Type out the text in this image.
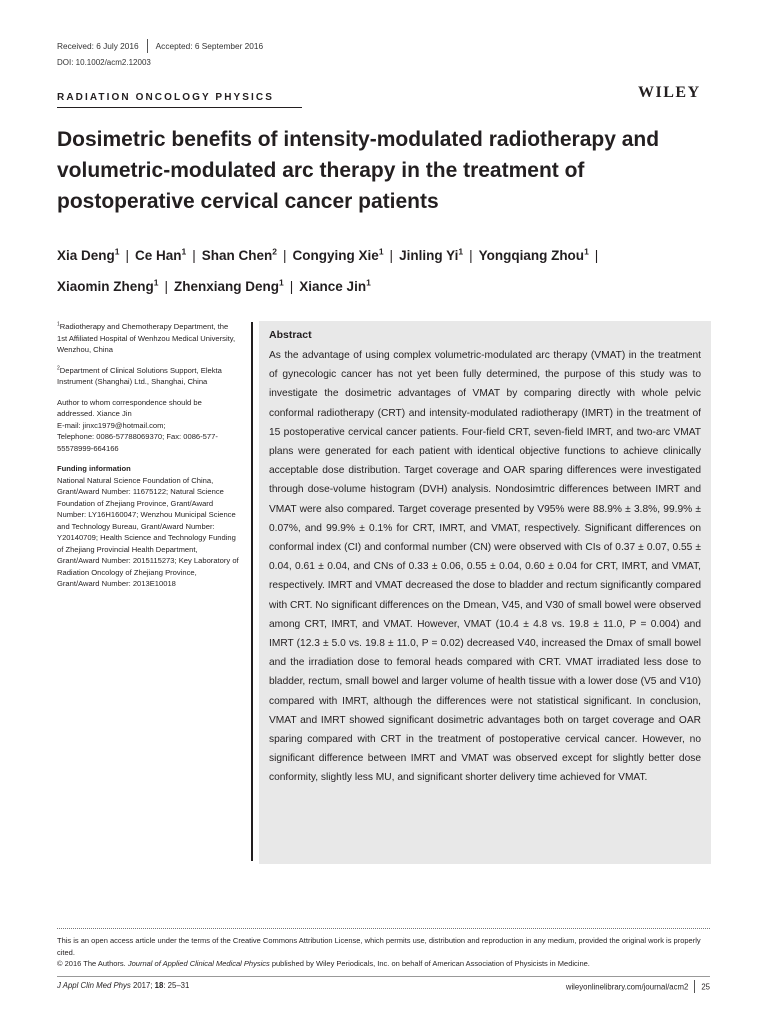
Received: 6 July 2016 Accepted: 6 September 2016
DOI: 10.1002/acm2.12003
RADIATION ONCOLOGY PHYSICS	WILEY
Dosimetric benefits of intensity-modulated radiotherapy and volumetric-modulated arc therapy in the treatment of postoperative cervical cancer patients
Xia Deng$^1$ | Ce Han$^1$ | Shan Chen$^2$ | Congying Xie$^1$ | Jinling Yi$^1$ | Yongqiang Zhou$^1$ |
Xiaomin Zheng$^1$ | Zhenxiang Deng$^1$ | Xiance Jin$^1$

$^1$Radiotherapy and Chemotherapy Department, the 1st Affiliated Hospital of Wenhzou Medical University, Wenzhou, China

$^2$Department of Clinical Solutions Support, Elekta Instrument (Shanghai) Ltd., Shanghai, China

Author to whom correspondence should be addressed. Xiance Jin

E-mail: jinxc1979@hotmail.com;

Telephone: 0086-57788069370; Fax: 0086-577-55578999-664166

Funding information

National Natural Science Foundation of China, Grant/Award Number: 11675122; Natural Science Foundation of Zhejiang Province, Grant/Award Number: LY16H160047; Wenzhou Municipal Science and Technology Bureau, Grant/Award Number: Y20140709; Health Science and Technology Funding of Zhejiang Provincial Health Department, Grant/Award Number: 2015115273; Key Laboratory of Radiation Oncology of Zhejiang Province, Grant/Award Number: 2013E10018

Abstract

As the advantage of using complex volumetric-modulated arc therapy (VMAT) in the treatment of gynecologic cancer has not yet been fully determined, the purpose of this study was to investigate the dosimetric advantages of VMAT by comparing directly with whole pelvic conformal radiotherapy (CRT) and intensity-modulated radiotherapy (IMRT) in the treatment of 15 postoperative cervical cancer patients. Four-field CRT, seven-field IMRT, and two-arc VMAT plans were generated for each patient with identical objective functions to achieve clinically acceptable dose distribution. Target coverage and OAR sparing differences were investigated through dose-volume histogram (DVH) analysis. Nondosimtric differences between IMRT and VMAT were also compared. Target coverage presented by V95% were 88.9% ± 3.8%, 99.9% ± 0.07%, and 99.9% ± 0.1% for CRT, IMRT, and VMAT, respectively. Significant differences on conformal index (CI) and conformal number (CN) were observed with CIs of 0.37 ± 0.07, 0.55 ± 0.04, 0.61 ± 0.04, and CNs of 0.33 ± 0.06, 0.55 ± 0.04, 0.60 ± 0.04 for CRT, IMRT, and VMAT, respectively. IMRT and VMAT decreased the dose to bladder and rectum significantly compared with CRT. No significant differences on the Dmean, V45, and V30 of small bowel were observed among CRT, IMRT, and VMAT. However, VMAT (10.4 ± 4.8 vs. 19.8 ± 11.0, P = 0.004) and IMRT (12.3 ± 5.0 vs. 19.8 ± 11.0, P = 0.02) decreased V40, increased the Dmax of small bowel and the irradiation dose to femoral heads compared with CRT. VMAT irradiated less dose to bladder, rectum, small bowel and larger volume of health tissue with a lower dose (V5 and V10) compared with IMRT, although the differences were not statistical significant. In conclusion, VMAT and IMRT showed significant dosimetric advantages both on target coverage and OAR sparing compared with CRT in the treatment of postoperative cervical cancer. However, no significant difference between IMRT and VMAT was observed except for slightly better dose conformity, slightly less MU, and significant shorter delivery time achieved for VMAT.

This is an open access article under the terms of the Creative Commons Attribution License, which permits use, distribution and reproduction in any medium, provided the original work is properly cited.

© 2016 The Authors. Journal of Applied Clinical Medical Physics published by Wiley Periodicals, Inc. on behalf of American Association of Physicists in Medicine.

J Appl Clin Med Phys 2017; 18: 25–31	wileyonlinelibrary.com/journal/acm2 25
